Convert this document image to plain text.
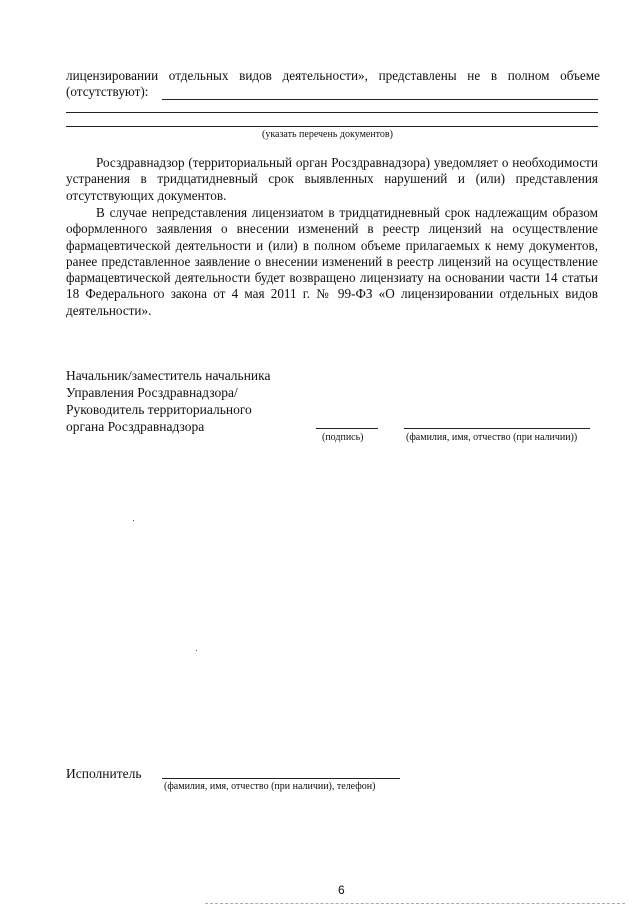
лицензировании отдельных видов деятельности», представлены не в полном объеме

(отсутствуют):

(указать перечень документов)

Росздравнадзор (территориальный орган Росздравнадзора) уведомляет о необходимости устранения в тридцатидневный срок выявленных нарушений и (или) представления отсутствующих документов.

В случае непредставления лицензиатом в тридцатидневный срок надлежащим образом оформленного заявления о внесении изменений в реестр лицензий на осуществление фармацевтической деятельности и (или) в полном объеме прилагаемых к нему документов, ранее представленное заявление о внесении изменений в реестр лицензий на осуществление фармацевтической деятельности будет возвращено лицензиату на основании части 14 статьи 18 Федерального закона от 4 мая 2011 г. № 99-ФЗ «О лицензировании отдельных видов деятельности».

Начальник/заместитель начальника
Управления Росздравнадзора/
Руководитель территориального
органа Росздравнадзора
(подпись)	(фамилия, имя, отчество (при наличии))
Исполнитель
(фамилия, имя, отчество (при наличии), телефон)
6
